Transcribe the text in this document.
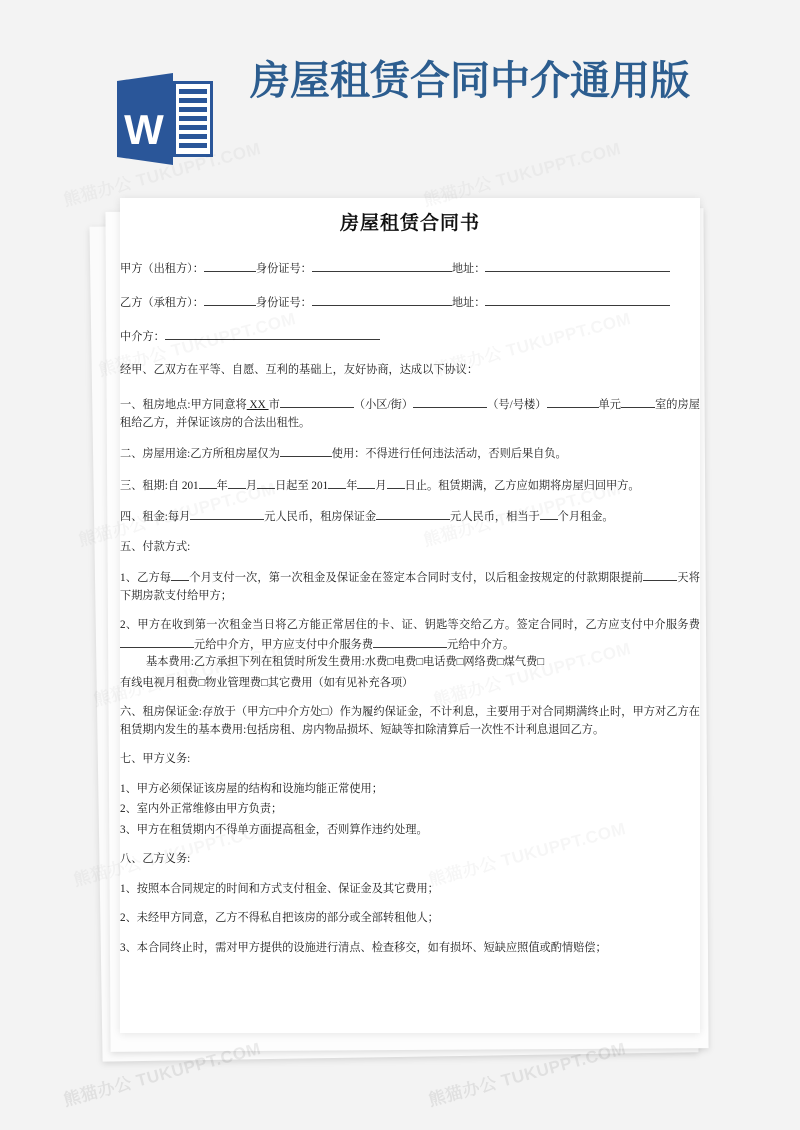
W
房屋租赁合同中介通用版
房屋租赁合同书
甲方（出租方）：	身份证号：	地址：
乙方（承租方）：	身份证号：	地址：
中介方：
经甲、乙双方在平等、自愿、互利的基础上，友好协商，达成以下协议：
一、租房地点:甲方同意将 XX 市	（小区/街）	（号/号楼）	单元	室的房屋租给乙方，并保证该房的合法出租性。
二、房屋用途:乙方所租房屋仅为	使用：不得进行任何违法活动，否则后果自负。
三、租期:自 201 年 月 日起至 201 年 月 日止。租赁期满，乙方应如期将房屋归回甲方。
四、租金:每月	元人民币，租房保证金	元人民币，相当于 个月租金。
五、付款方式:
1、乙方每 个月支付一次，第一次租金及保证金在签定本合同时支付，以后租金按规定的付款期限提前	天将下期房款支付给甲方；
2、甲方在收到第一次租金当日将乙方能正常居住的卡、证、钥匙等交给乙方。签定合同时，乙方应支付中介服务费元给中介方，甲方应支付中介服务费	元给中介方。
基本费用:乙方承担下列在租赁时所发生费用:水费□电费□电话费□网络费□煤气费□
有线电视月租费□物业管理费□其它费用（如有见补充各项）
六、租房保证金:存放于（甲方□中介方处□）作为履约保证金，不计利息，主要用于对合同期满终止时，甲方对乙方在租赁期内发生的基本费用:包括房租、房内物品损坏、短缺等扣除清算后一次性不计利息退回乙方。
七、甲方义务:
1、甲方必须保证该房屋的结构和设施均能正常使用；
2、室内外正常维修由甲方负责；
3、甲方在租赁期内不得单方面提高租金，否则算作违约处理。
八、乙方义务:
1、按照本合同规定的时间和方式支付租金、保证金及其它费用；
2、未经甲方同意，乙方不得私自把该房的部分或全部转租他人；
3、本合同终止时，需对甲方提供的设施进行清点、检查移交，如有损坏、短缺应照值或酌情赔偿；
熊猫办公 TUKUPPT.COM	熊猫办公 TUKUPPT.COM
